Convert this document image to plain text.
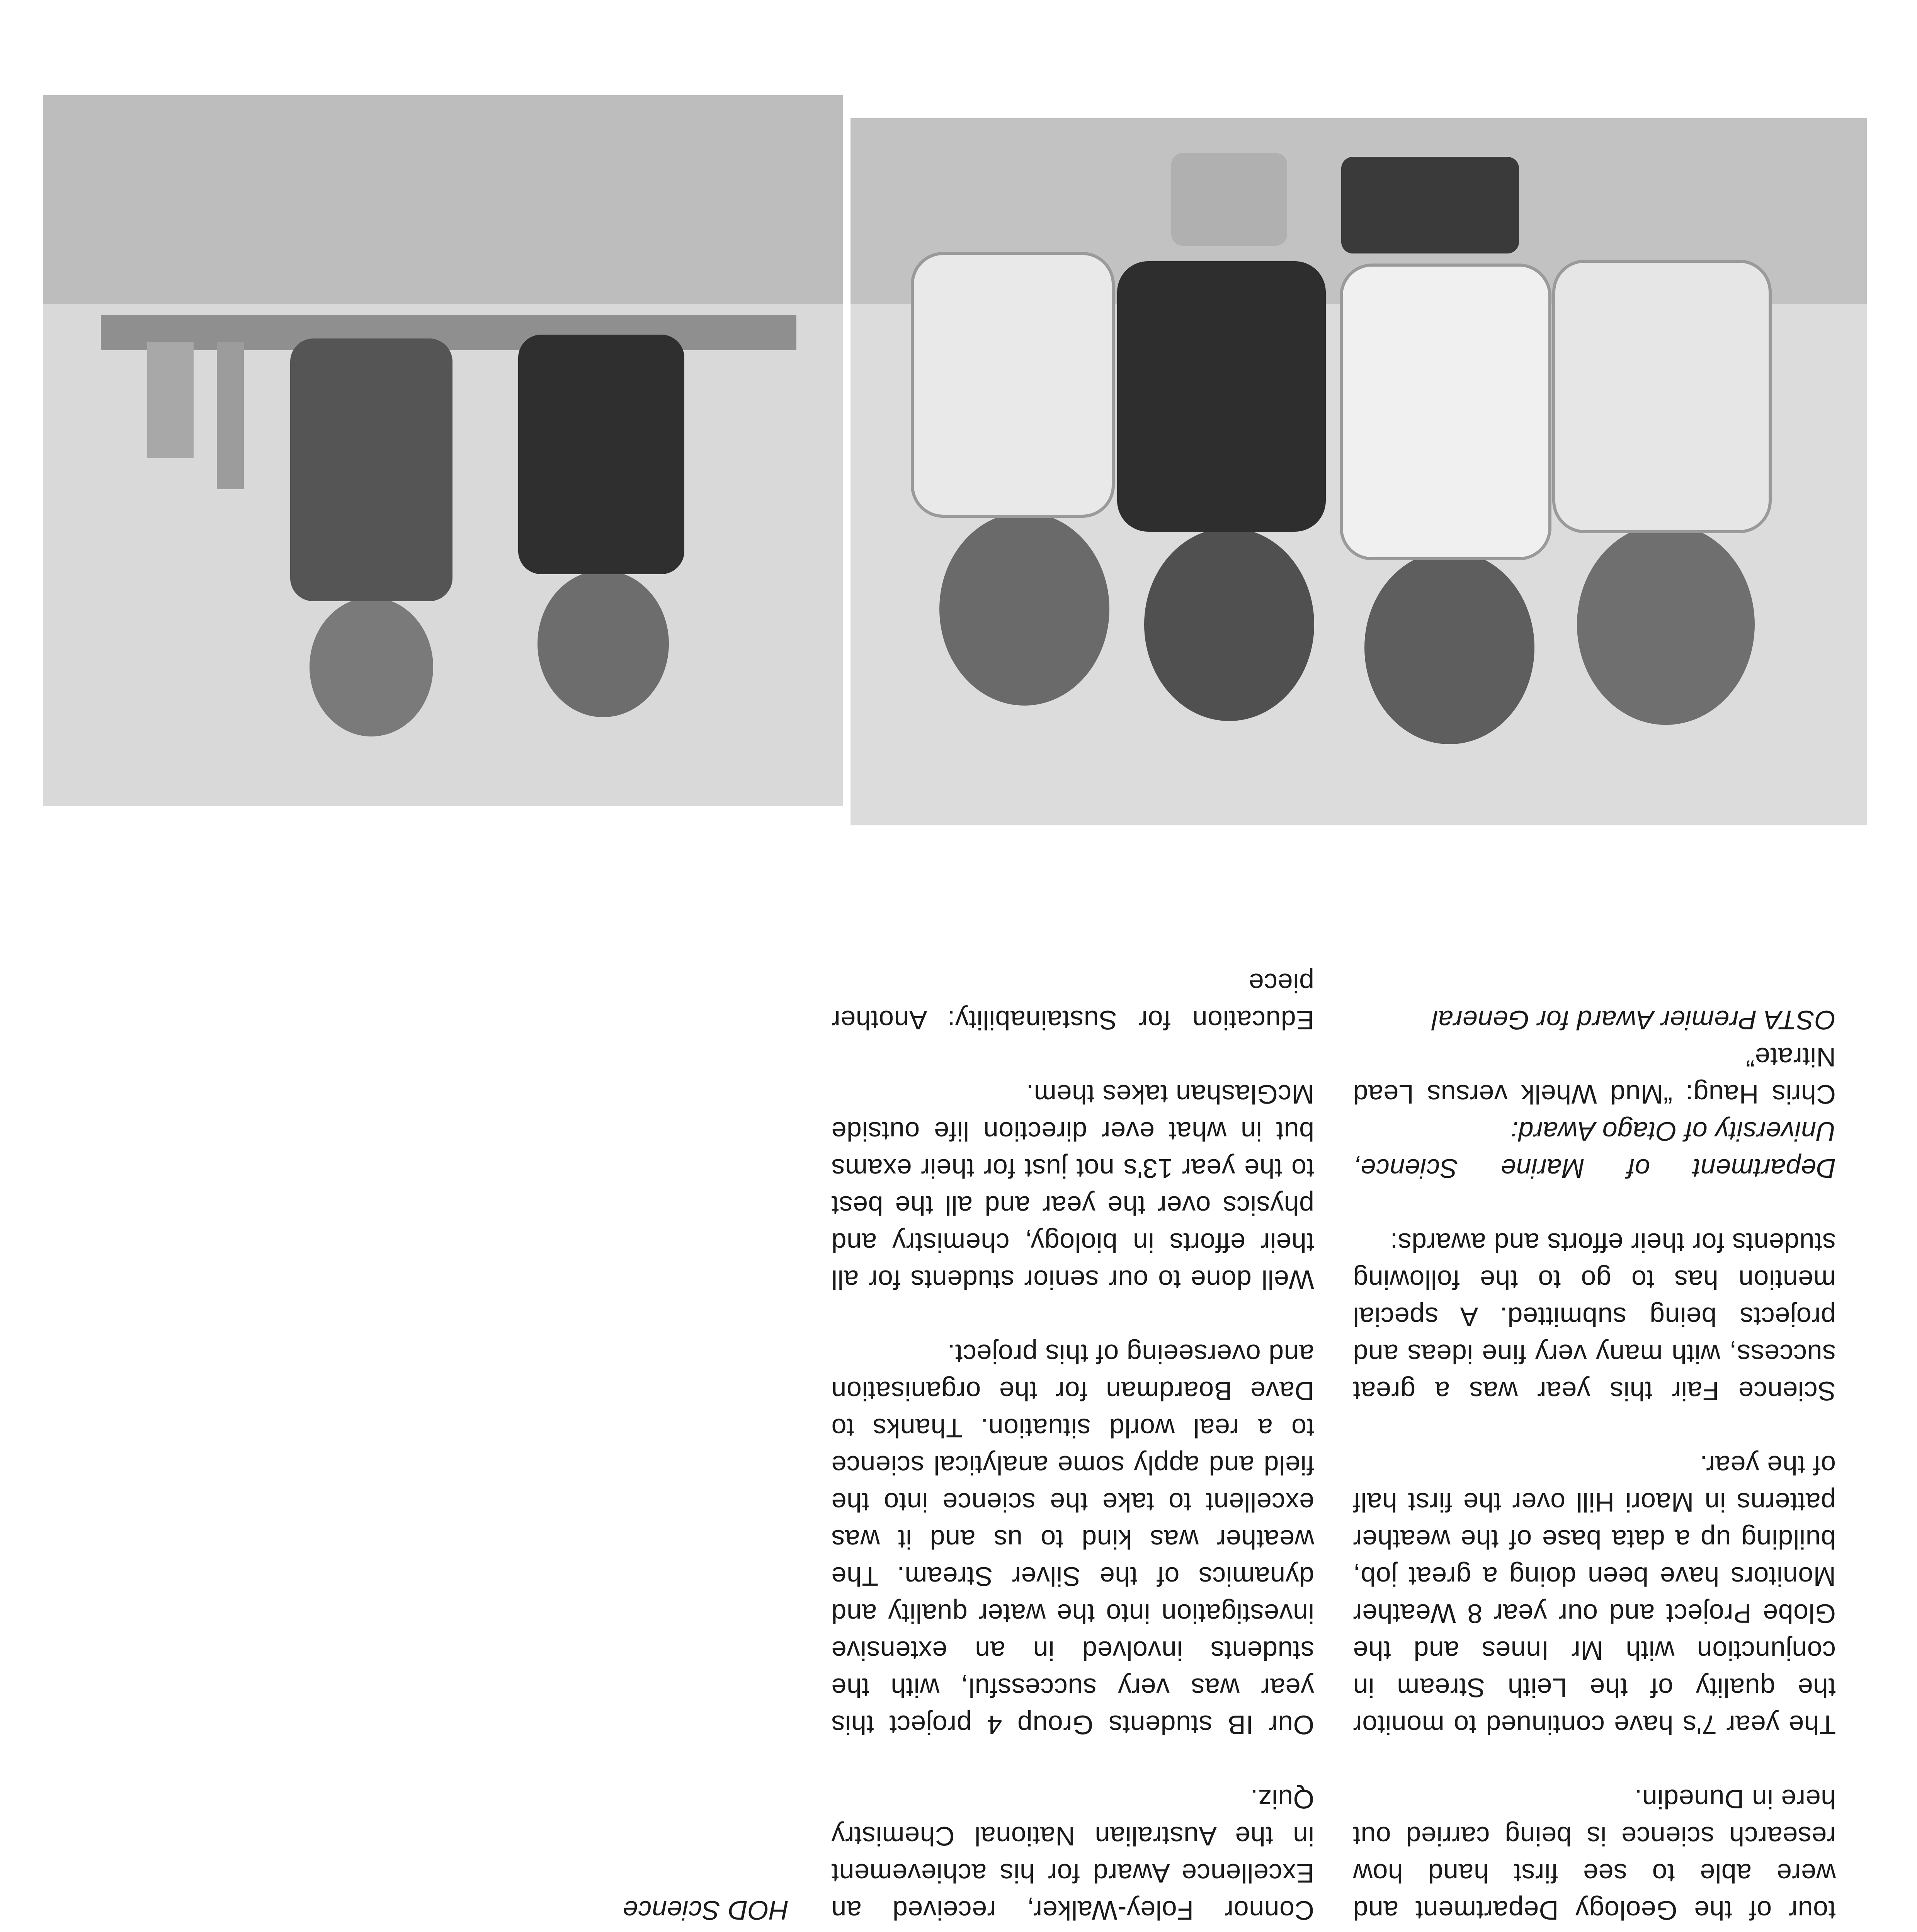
tour of the Geology Department and were able to see first hand how research science is being carried out here in Dunedin.

The year 7's have continued to monitor the quality of the Leith Stream in conjunction with Mr Innes and the Globe Project and our year 8 Weather Monitors have been doing a great job, building up a data base of the weather patterns in Maori Hill over the first half of the year.

Science Fair this year was a great success, with many very fine ideas and projects being submitted. A special mention has to go to the following students for their efforts and awards:

Department of Marine Science, University of Otago Award:

Chris Haug: “Mud Whelk versus Lead Nitrate”

OSTA Premier Award for General

Connor Foley-Walker, received an Excellence Award for his achievement in the Australian National Chemistry Quiz.

Our IB students Group 4 project this year was very successful, with the students involved in an extensive investigation into the water quality and dynamics of the Silver Stream. The weather was kind to us and it was excellent to take the science into the field and apply some analytical science to a real world situation. Thanks to Dave Boardman for the organisation and overseeing of this project.

Well done to our senior students for all their efforts in biology, chemistry and physics over the year and all the best to the year 13's not just for their exams but in what ever direction life outside McGlashan takes them.

Education for Sustainability: Another piece

HOD Science
